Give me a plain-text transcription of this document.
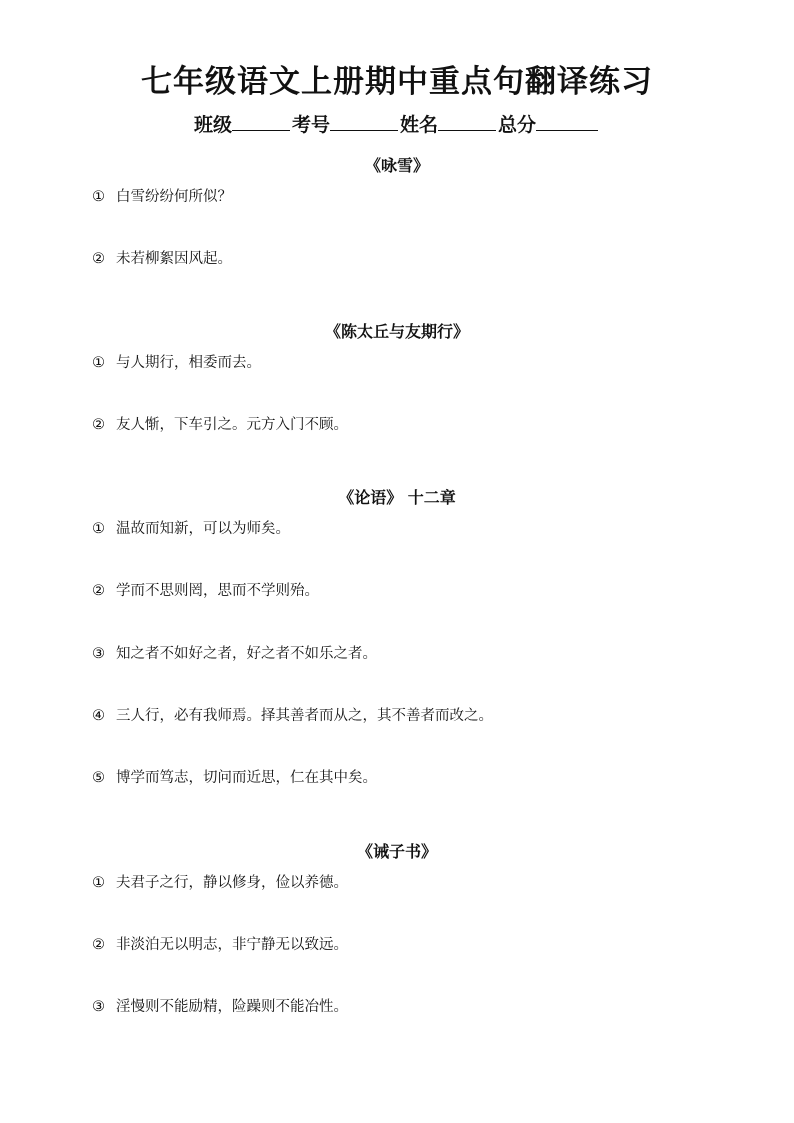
七年级语文上册期中重点句翻译练习
班级	考号	姓名	总分
《咏雪》
① 白雪纷纷何所似？
② 未若柳絮因风起。
《陈太丘与友期行》
① 与人期行，相委而去。
② 友人惭，下车引之。元方入门不顾。
《论语》 十二章
① 温故而知新，可以为师矣。
② 学而不思则罔，思而不学则殆。
③ 知之者不如好之者，好之者不如乐之者。
④ 三人行，必有我师焉。择其善者而从之，其不善者而改之。
⑤ 博学而笃志，切问而近思，仁在其中矣。
《诫子书》
① 夫君子之行，静以修身，俭以养德。
② 非淡泊无以明志，非宁静无以致远。
③ 淫慢则不能励精，险躁则不能冶性。
